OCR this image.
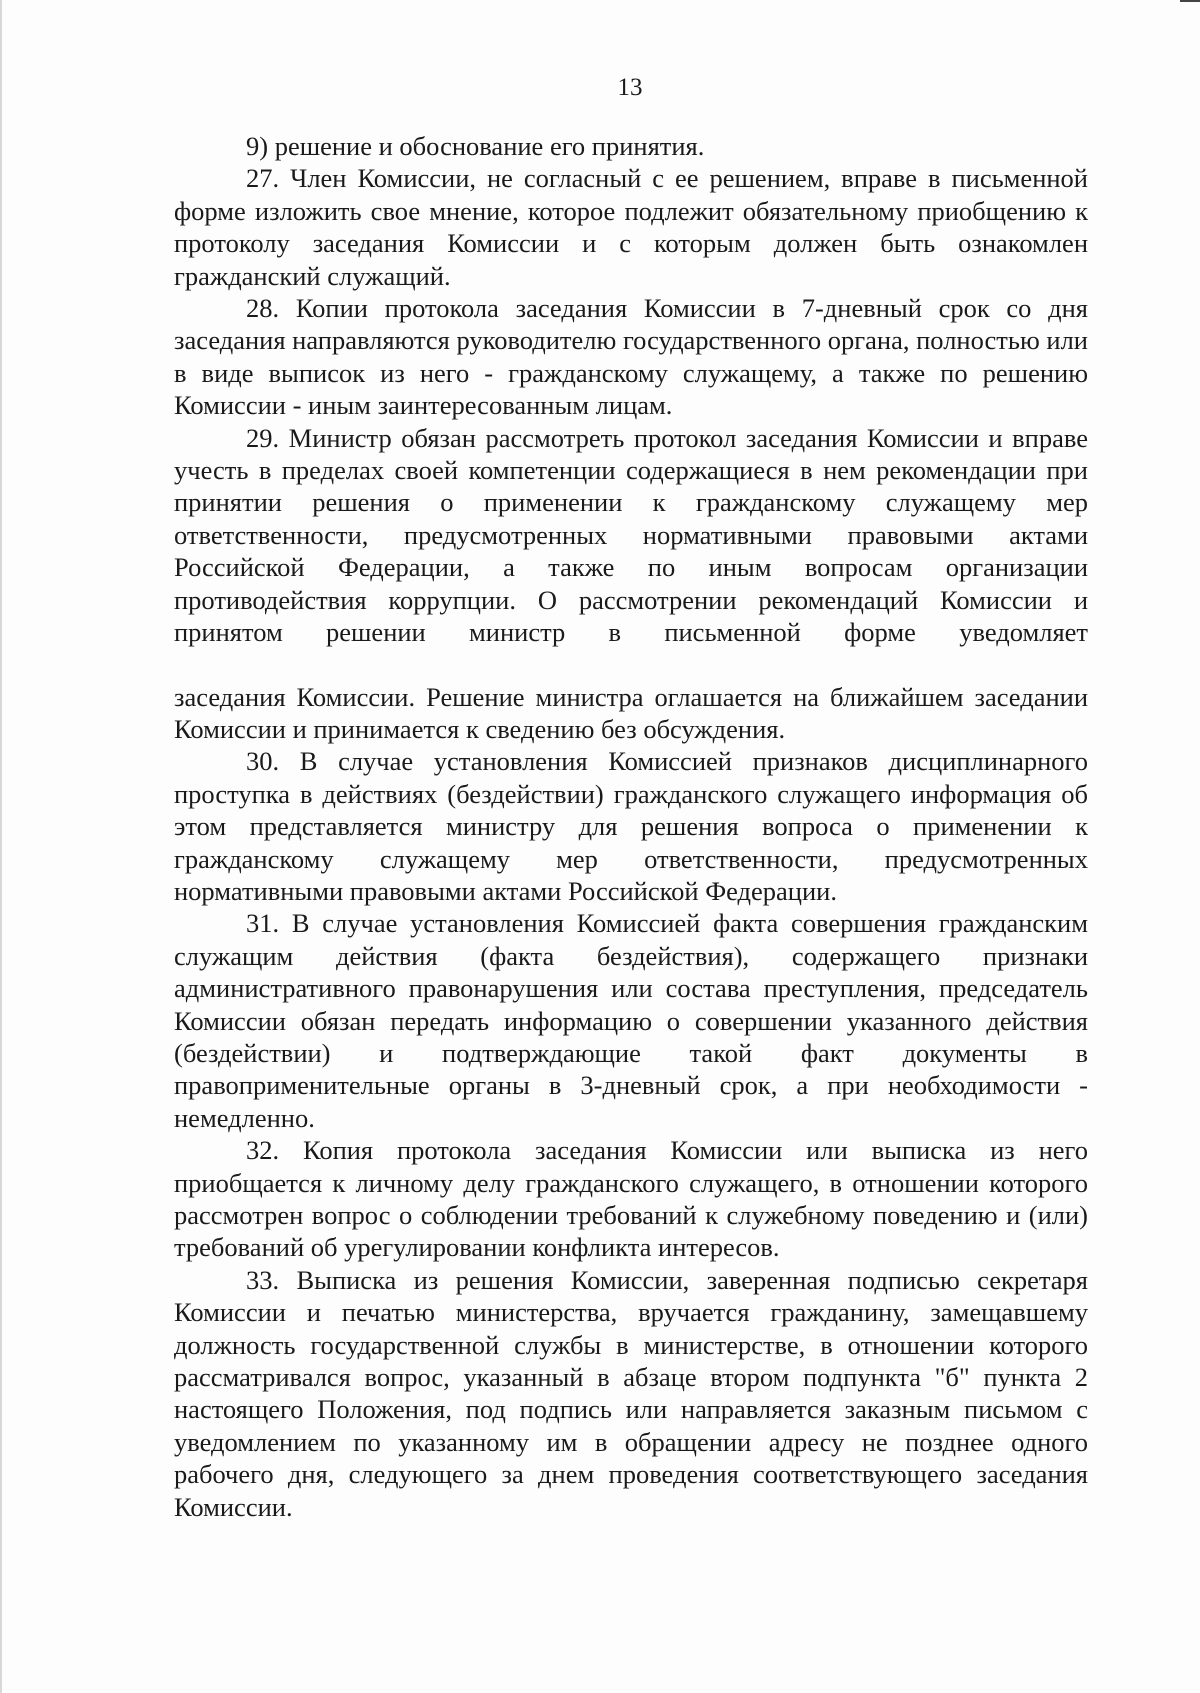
13

9) решение и обоснование его принятия.

27. Член Комиссии, не согласный с ее решением, вправе в письменной форме изложить свое мнение, которое подлежит обязательному приобщению к протоколу заседания Комиссии и с которым должен быть ознакомлен гражданский служащий.

28. Копии протокола заседания Комиссии в 7-дневный срок со дня заседания направляются руководителю государственного органа, полностью или в виде выписок из него - гражданскому служащему, а также по решению Комиссии - иным заинтересованным лицам.

29. Министр обязан рассмотреть протокол заседания Комиссии и вправе учесть в пределах своей компетенции содержащиеся в нем рекомендации при принятии решения о применении к гражданскому служащему мер ответственности, предусмотренных нормативными правовыми актами Российской Федерации, а также по иным вопросам организации противодействия коррупции. О рассмотрении рекомендаций Комиссии и принятом решении министр в письменной форме уведомляет

заседания Комиссии. Решение министра оглашается на ближайшем заседании Комиссии и принимается к сведению без обсуждения.

30. В случае установления Комиссией признаков дисциплинарного проступка в действиях (бездействии) гражданского служащего информация об этом представляется министру для решения вопроса о применении к гражданскому служащему мер ответственности, предусмотренных нормативными правовыми актами Российской Федерации.

31. В случае установления Комиссией факта совершения гражданским служащим действия (факта бездействия), содержащего признаки административного правонарушения или состава преступления, председатель Комиссии обязан передать информацию о совершении указанного действия (бездействии) и подтверждающие такой факт документы в правоприменительные органы в 3-дневный срок, а при необходимости - немедленно.

32. Копия протокола заседания Комиссии или выписка из него приобщается к личному делу гражданского служащего, в отношении которого рассмотрен вопрос о соблюдении требований к служебному поведению и (или) требований об урегулировании конфликта интересов.

33. Выписка из решения Комиссии, заверенная подписью секретаря Комиссии и печатью министерства, вручается гражданину, замещавшему должность государственной службы в министерстве, в отношении которого рассматривался вопрос, указанный в абзаце втором подпункта "б" пункта 2 настоящего Положения, под подпись или направляется заказным письмом с уведомлением по указанному им в обращении адресу не позднее одного рабочего дня, следующего за днем проведения соответствующего заседания Комиссии.
